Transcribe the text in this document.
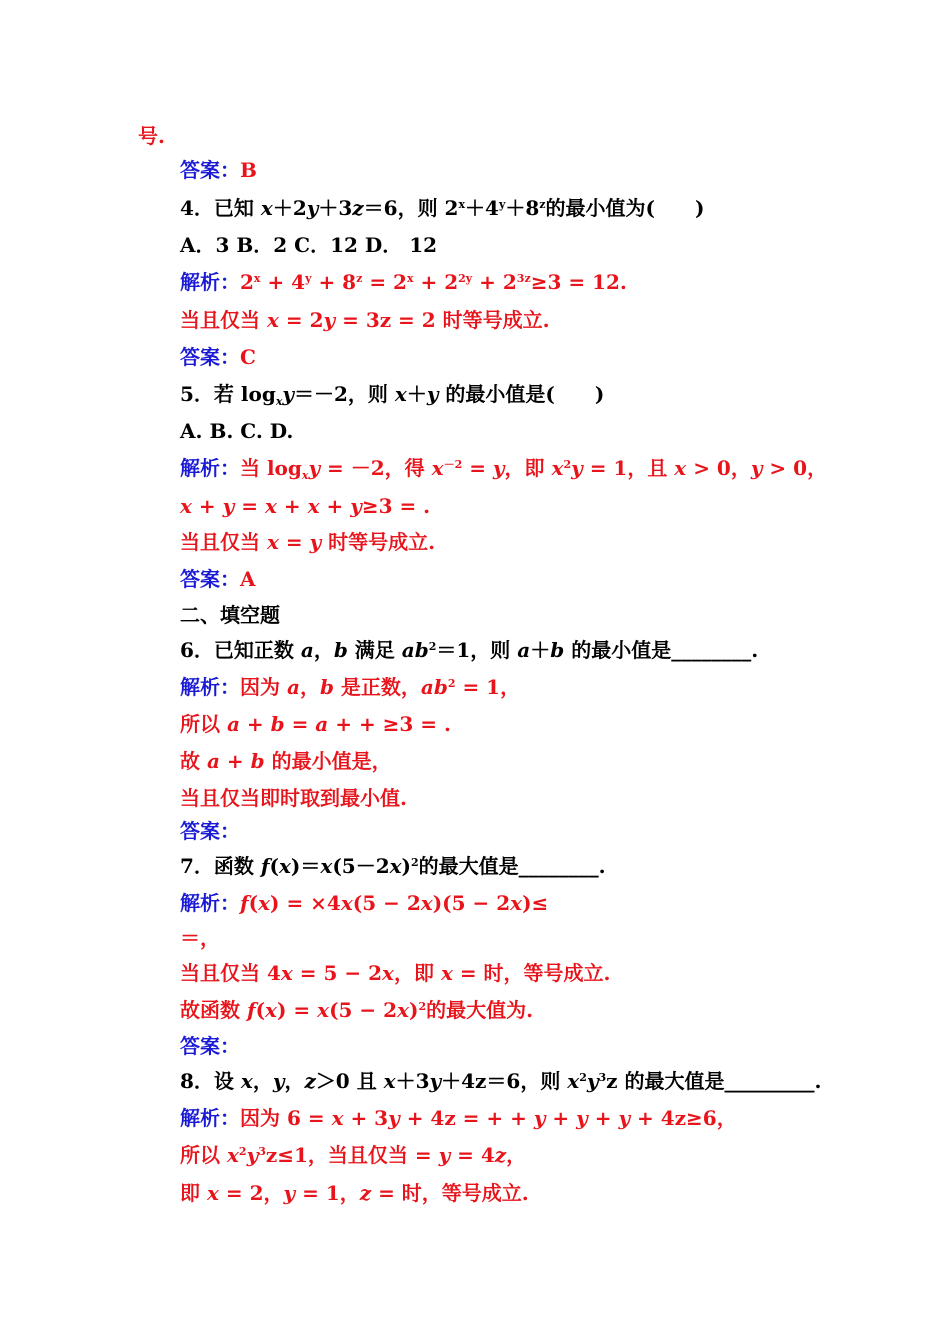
号.
答案：B
4．已知 x＋2y＋3z＝6，则 $2^x+4^y+8^z$的最小值为(　　)
A．3 B．2 C．12 D． 12
解析：$2^x + 4^y + 8^z = 2^x + 2^{2y} + 2^{3z}\ge 3 = 12$.
当且仅当 x = 2y = 3z = 2 时等号成立.
答案：C
5．若 $\log_xy=-2$，则 x＋y 的最小值是(　　)
A. B. C. D.
解析：当 $\log_xy = -2$，得 $x^{-2} = y$，即 $x^2y = 1$，且 x > 0，y > 0，
x + y = x + x + y≥3 = .
当且仅当 x = y 时等号成立.
答案：A
二、填空题
6．已知正数 a，b 满足 $ab^2=1$，则 a＋b 的最小值是________.
解析：因为 a，b 是正数，$ab^2 = 1$，
所以 a + b = a + + ≥3 = .
故 a + b 的最小值是，
当且仅当即时取到最小值.
答案：
7．函数 $f(x)=x(5-2x)^2$的最大值是________.
解析：f(x) = ×4x(5 − 2x)(5 − 2x)≤
＝，
当且仅当 4x = 5 − 2x，即 x = 时，等号成立.
故函数 $f(x) = x(5 - 2x)^2$的最大值为.
答案：
8．设 x，y，z＞0 且 x＋3y＋4z＝6，则 $x^2y^3z$ 的最大值是_________.
解析：因为 6 = x + 3y + 4z = + + y + y + y + 4z≥6，
所以 $x^2y^3z\le 1$，当且仅当 = y = 4z，
即 x = 2，y = 1，z = 时，等号成立.
